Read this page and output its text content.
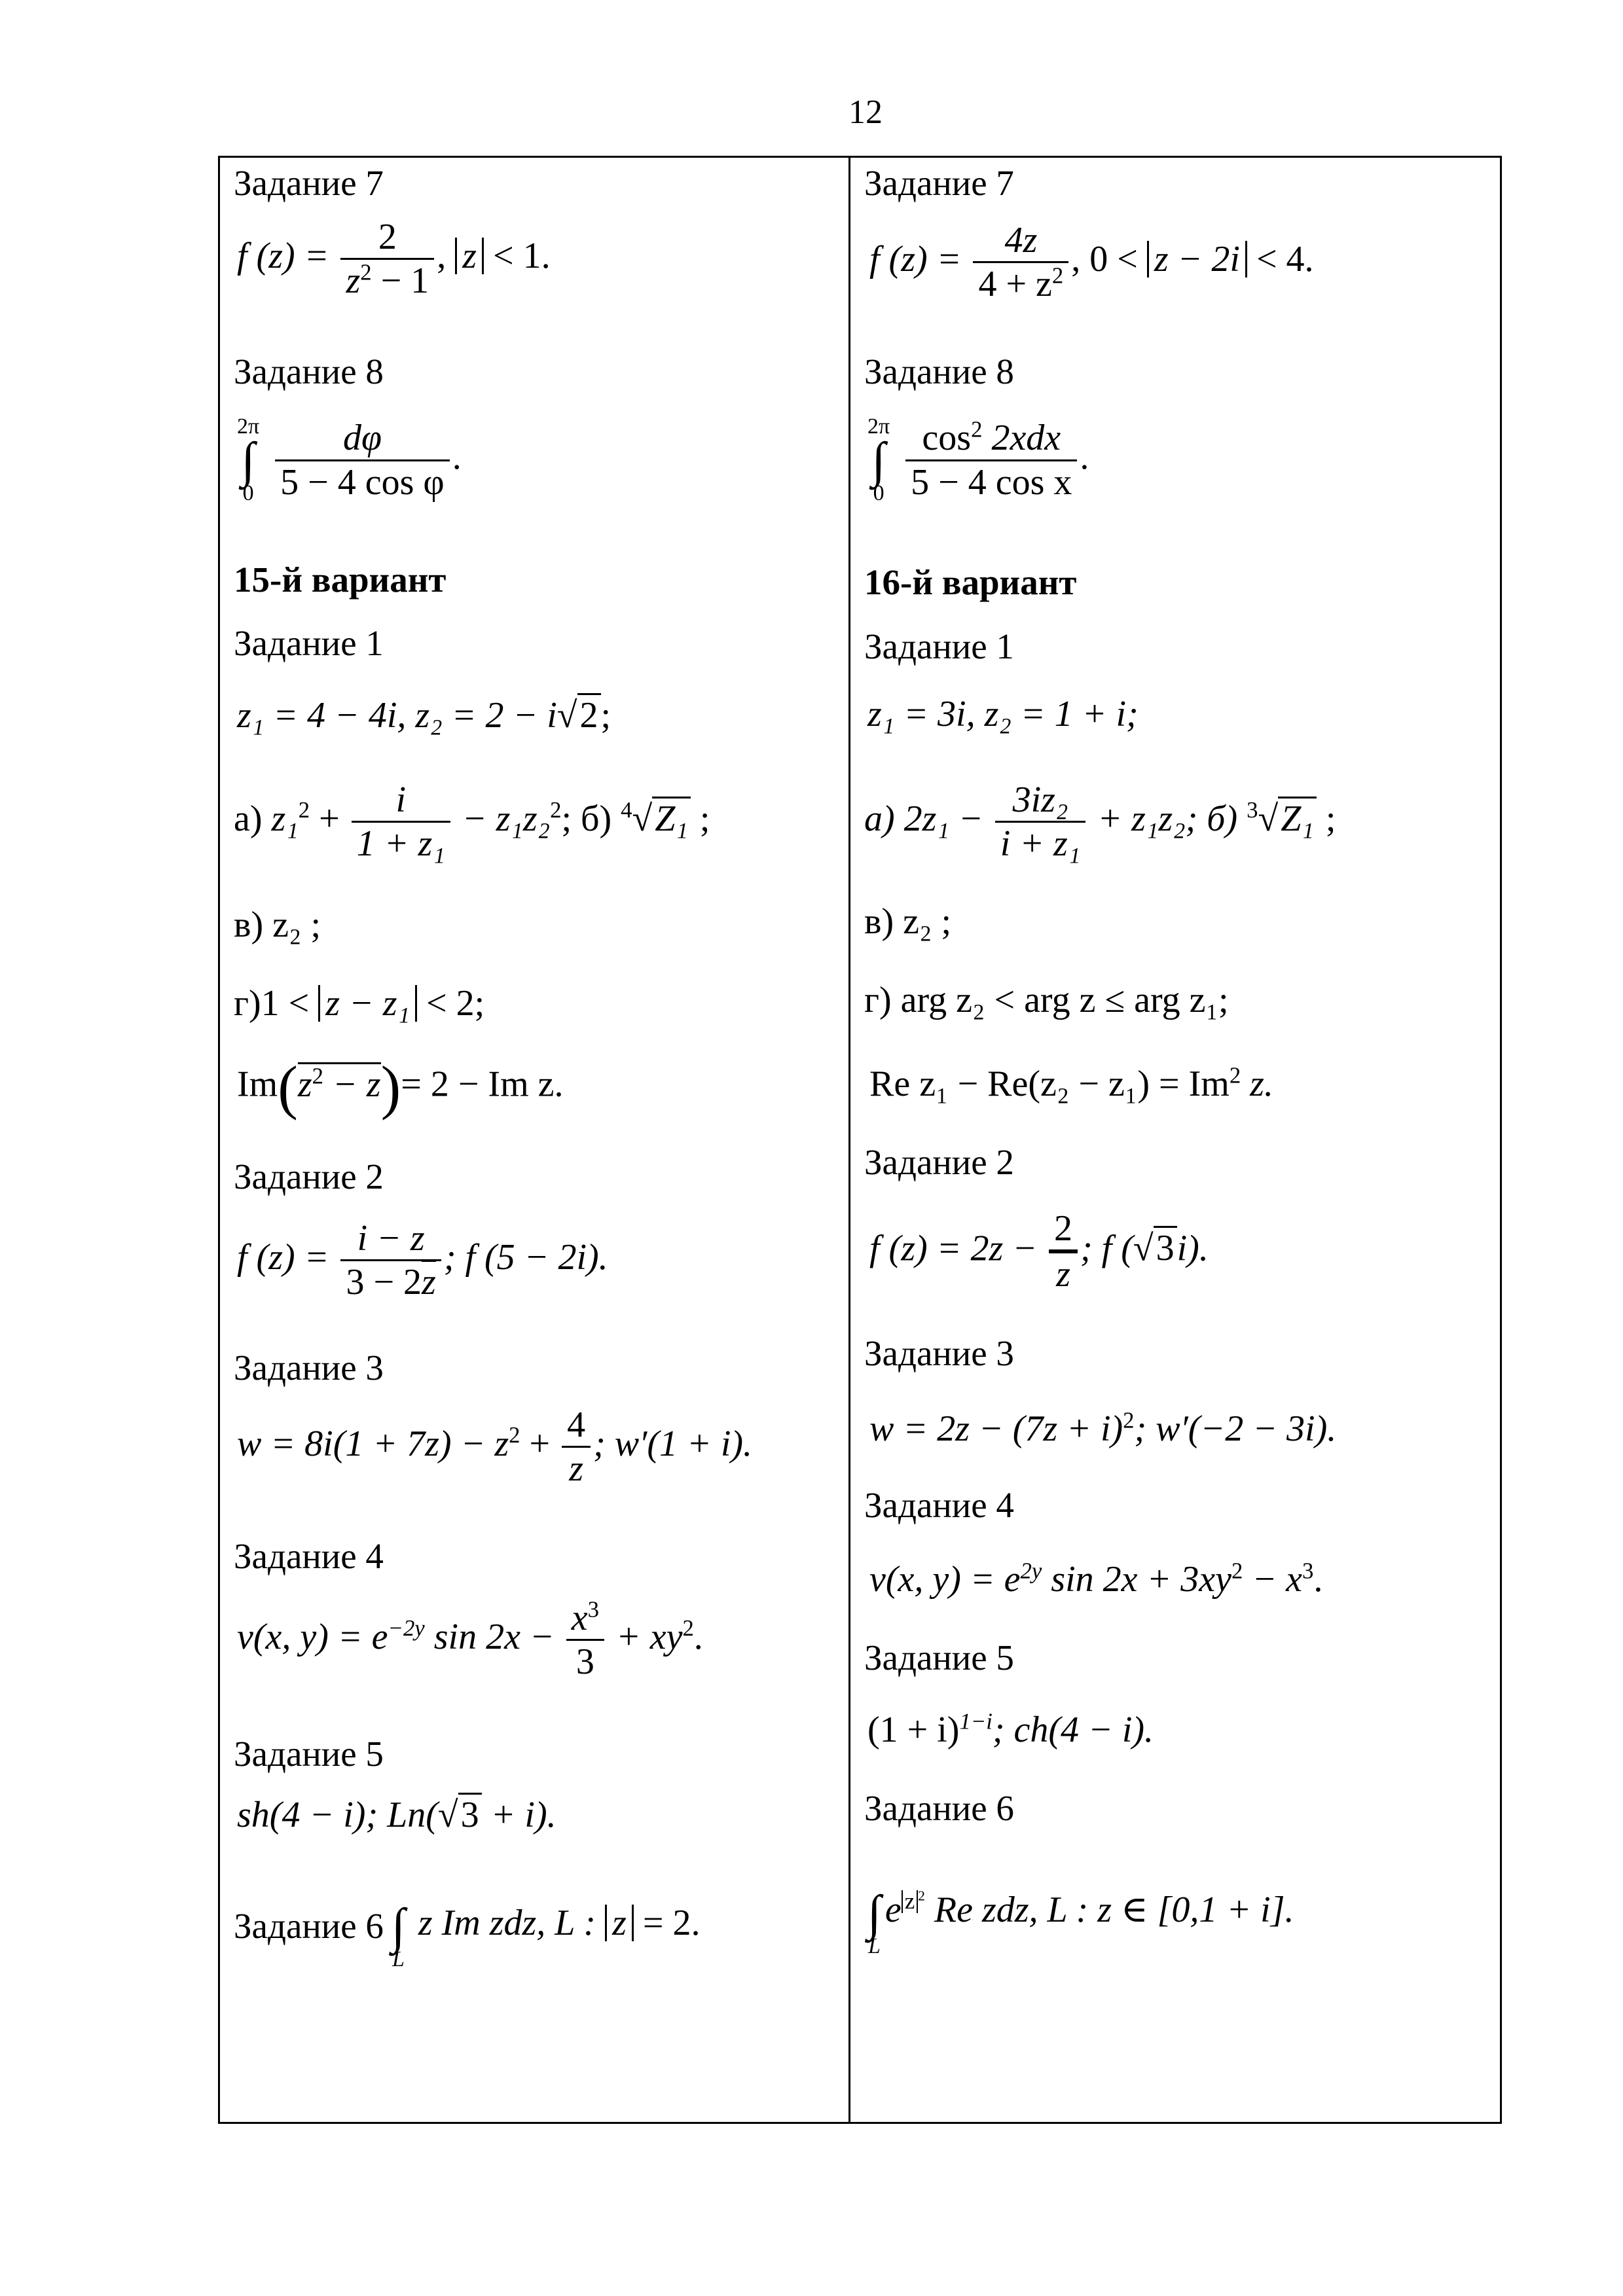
12
Задание 7
f $(z) = \frac{2}{z^2 - 1}$ , z < 1.
Задание 8
2π
∫
0
$\frac{d\varphi}{\text{5 − 4 cos φ}}$ .
15-й вариант
Задание 1
z₁ = 4 − 4i, z₂ = 2 − i√2;
а) $z_1^2 + \frac{i}{\text{1 + z₁}} - z_1z_2^2$; б) $^4$√Z₁ ;
в) z₂ ;
г)1 < z − z₁ < 2;
$Im(z^2 - z)= 2 - Im$ z.
Задание 2
f $(z) = \frac{i - z}{3 - 2z}$ ; f (5 − 2i).
Задание 3
$w = 8i(1 + 7z) - z^2 + \frac{4}{z}$ ; w′(1 + i).
Задание 4
v(x, $y) = e^{-2y}$ $\sin 2x - \frac{x^3}{3} + xy^2$.
Задание 5
sh(4 − i); Ln(√3 + i).
Задание 6
∫
L
z Im zdz, L : z = 2.
Задание 7
f $(z) = \frac{4z}{4 + z^2}$ , 0 < z − 2i < 4.
Задание 8
2π
∫
0
$\frac{\cos^2 2xdx}{\text{5 − 4 cos x}}$ .
16-й вариант
Задание 1
z₁ = 3i, z₂ = 1 + i;
а) $2z_1 - \frac{\text{3iz₂}}{\text{i + z₁}} + z_1z_2$; б) $^3$√Z₁ ;
в) z₂ ;
г) arg z₂ < arg z ≤ arg z₁;
Re $z_1 - Re(z_2 - z_1) = Im^2$ z.
Задание 2
f $(z) = 2z - \frac{2}{z}$ ; f (√3i).
Задание 3
$w = 2z - (7z + i)^2$; w′(−2 − 3i).
Задание 4
v(x, $y) = e^{2y}$ $\sin 2x + 3xy^2 - x^3$.
Задание 5
$(1 + i)^{1-i}$; ch(4 − i).
Задание 6

∫
L
e $^{z ^2}$ Re zdz, L : z ∈ [0,1 + i].
